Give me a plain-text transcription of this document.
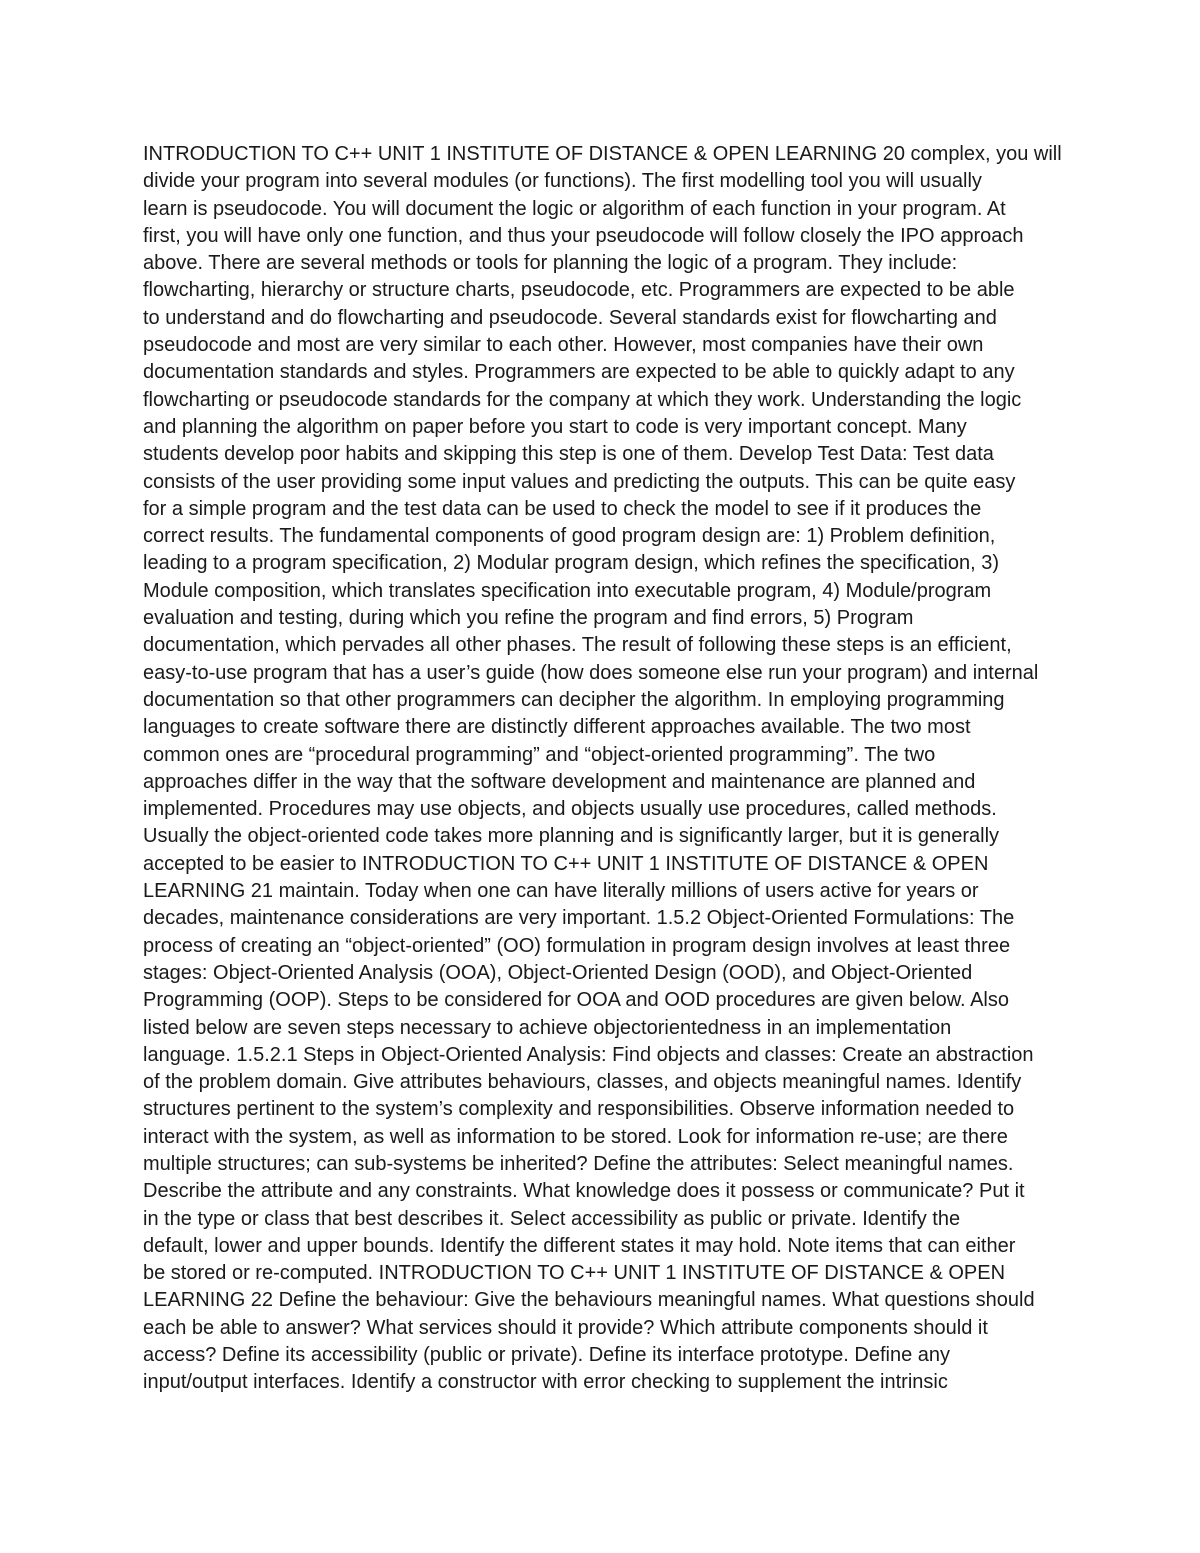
INTRODUCTION TO C++ UNIT 1 INSTITUTE OF DISTANCE & OPEN LEARNING 20 complex, you will
divide your program into several modules (or functions). The first modelling tool you will usually
learn is pseudocode. You will document the logic or algorithm of each function in your program. At
first, you will have only one function, and thus your pseudocode will follow closely the IPO approach
above. There are several methods or tools for planning the logic of a program. They include:
flowcharting, hierarchy or structure charts, pseudocode, etc. Programmers are expected to be able
to understand and do flowcharting and pseudocode. Several standards exist for flowcharting and
pseudocode and most are very similar to each other. However, most companies have their own
documentation standards and styles. Programmers are expected to be able to quickly adapt to any
flowcharting or pseudocode standards for the company at which they work. Understanding the logic
and planning the algorithm on paper before you start to code is very important concept. Many
students develop poor habits and skipping this step is one of them. Develop Test Data: Test data
consists of the user providing some input values and predicting the outputs. This can be quite easy
for a simple program and the test data can be used to check the model to see if it produces the
correct results. The fundamental components of good program design are: 1) Problem definition,
leading to a program specification, 2) Modular program design, which refines the specification, 3)
Module composition, which translates specification into executable program, 4) Module/program
evaluation and testing, during which you refine the program and find errors, 5) Program
documentation, which pervades all other phases. The result of following these steps is an efficient,
easy-to-use program that has a user’s guide (how does someone else run your program) and internal
documentation so that other programmers can decipher the algorithm. In employing programming
languages to create software there are distinctly different approaches available. The two most
common ones are “procedural programming” and “object-oriented programming”. The two
approaches differ in the way that the software development and maintenance are planned and
implemented. Procedures may use objects, and objects usually use procedures, called methods.
Usually the object-oriented code takes more planning and is significantly larger, but it is generally
accepted to be easier to INTRODUCTION TO C++ UNIT 1 INSTITUTE OF DISTANCE & OPEN
LEARNING 21 maintain. Today when one can have literally millions of users active for years or
decades, maintenance considerations are very important. 1.5.2 Object-Oriented Formulations: The
process of creating an “object-oriented” (OO) formulation in program design involves at least three
stages: Object-Oriented Analysis (OOA), Object-Oriented Design (OOD), and Object-Oriented
Programming (OOP). Steps to be considered for OOA and OOD procedures are given below. Also
listed below are seven steps necessary to achieve objectorientedness in an implementation
language. 1.5.2.1 Steps in Object-Oriented Analysis: Find objects and classes: Create an abstraction
of the problem domain. Give attributes behaviours, classes, and objects meaningful names. Identify
structures pertinent to the system’s complexity and responsibilities. Observe information needed to
interact with the system, as well as information to be stored. Look for information re-use; are there
multiple structures; can sub-systems be inherited? Define the attributes: Select meaningful names.
Describe the attribute and any constraints. What knowledge does it possess or communicate? Put it
in the type or class that best describes it. Select accessibility as public or private. Identify the
default, lower and upper bounds. Identify the different states it may hold. Note items that can either
be stored or re-computed. INTRODUCTION TO C++ UNIT 1 INSTITUTE OF DISTANCE & OPEN
LEARNING 22 Define the behaviour: Give the behaviours meaningful names. What questions should
each be able to answer? What services should it provide? Which attribute components should it
access? Define its accessibility (public or private). Define its interface prototype. Define any
input/output interfaces. Identify a constructor with error checking to supplement the intrinsic
